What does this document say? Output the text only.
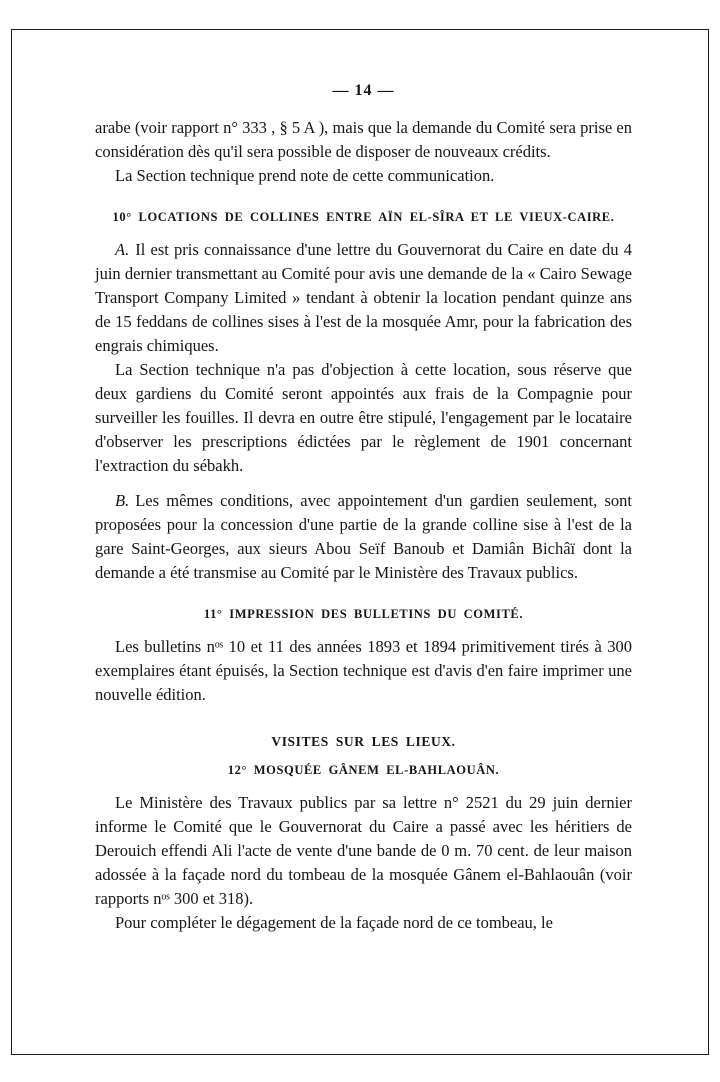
— 14 —

arabe (voir rapport n° 333 , § 5 A ), mais que la demande du Comité sera prise en considération dès qu'il sera possible de disposer de nouveaux crédits.

La Section technique prend note de cette communication.

10° LOCATIONS DE COLLINES ENTRE AÏN EL-SÎRA ET LE VIEUX-CAIRE.

A. Il est pris connaissance d'une lettre du Gouvernorat du Caire en date du 4 juin dernier transmettant au Comité pour avis une demande de la « Cairo Sewage Transport Company Limited » tendant à obtenir la location pendant quinze ans de 15 feddans de collines sises à l'est de la mosquée Amr, pour la fabrication des engrais chimiques.

La Section technique n'a pas d'objection à cette location, sous réserve que deux gardiens du Comité seront appointés aux frais de la Compagnie pour surveiller les fouilles. Il devra en outre être stipulé, l'engagement par le locataire d'observer les prescriptions édictées par le règlement de 1901 concernant l'extraction du sébakh.

B. Les mêmes conditions, avec appointement d'un gardien seulement, sont proposées pour la concession d'une partie de la grande colline sise à l'est de la gare Saint-Georges, aux sieurs Abou Seïf Banoub et Damiân Bichâï dont la demande a été transmise au Comité par le Ministère des Travaux publics.

11° IMPRESSION DES BULLETINS DU COMITÉ.

Les bulletins nᵒˢ 10 et 11 des années 1893 et 1894 primitivement tirés à 300 exemplaires étant épuisés, la Section technique est d'avis d'en faire imprimer une nouvelle édition.

VISITES SUR LES LIEUX.
12° MOSQUÉE GÂNEM EL-BAHLAOUÂN.

Le Ministère des Travaux publics par sa lettre n° 2521 du 29 juin dernier informe le Comité que le Gouvernorat du Caire a passé avec les héritiers de Derouich effendi Ali l'acte de vente d'une bande de 0 m. 70 cent. de leur maison adossée à la façade nord du tombeau de la mosquée Gânem el-Bahlaouân (voir rapports nᵒˢ 300 et 318).

Pour compléter le dégagement de la façade nord de ce tombeau, le
